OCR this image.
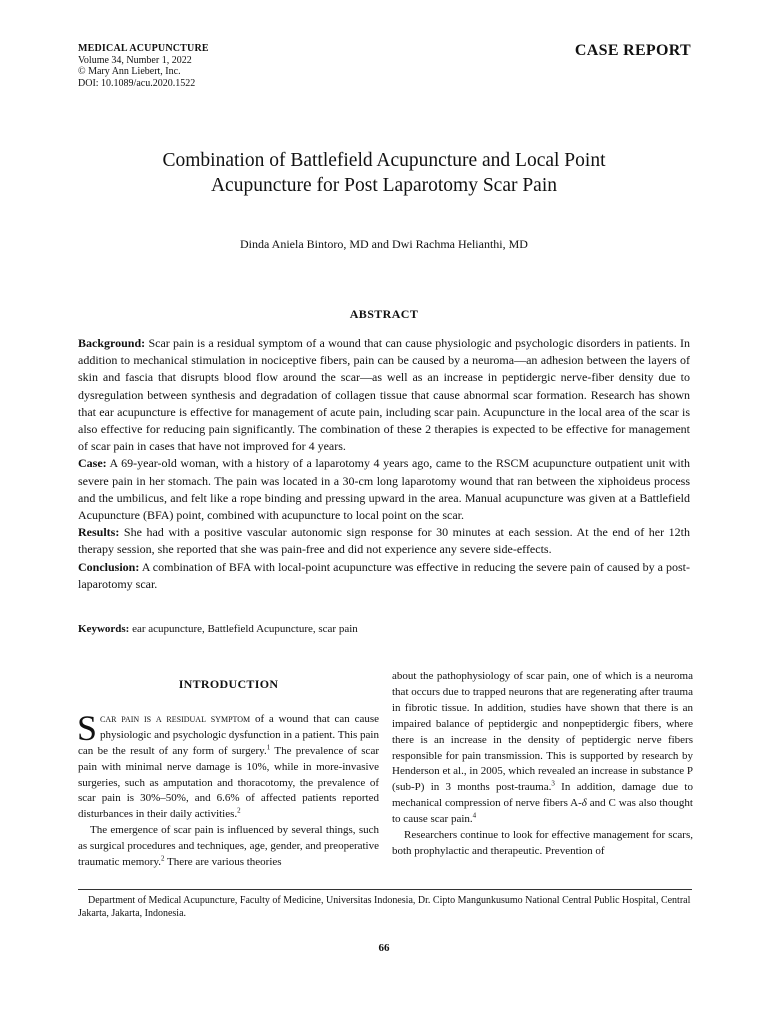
MEDICAL ACUPUNCTURE
Volume 34, Number 1, 2022
© Mary Ann Liebert, Inc.
DOI: 10.1089/acu.2020.1522
CASE REPORT
Combination of Battlefield Acupuncture and Local Point
Acupuncture for Post Laparotomy Scar Pain
Dinda Aniela Bintoro, MD and Dwi Rachma Helianthi, MD
ABSTRACT

Background: Scar pain is a residual symptom of a wound that can cause physiologic and psychologic disorders in patients. In addition to mechanical stimulation in nociceptive fibers, pain can be caused by a neuroma—an adhesion between the layers of skin and fascia that disrupts blood flow around the scar—as well as an increase in peptidergic nerve-fiber density due to dysregulation between synthesis and degradation of collagen tissue that cause abnormal scar formation. Research has shown that ear acupuncture is effective for management of acute pain, including scar pain. Acupuncture in the local area of the scar is also effective for reducing pain significantly. The combination of these 2 therapies is expected to be effective for management of scar pain in cases that have not improved for 4 years.

Case: A 69-year-old woman, with a history of a laparotomy 4 years ago, came to the RSCM acupuncture outpatient unit with severe pain in her stomach. The pain was located in a 30-cm long laparotomy wound that ran between the xiphoideus process and the umbilicus, and felt like a rope binding and pressing upward in the area. Manual acupuncture was given at a Battlefield Acupuncture (BFA) point, combined with acupuncture to local point on the scar.

Results: She had with a positive vascular autonomic sign response for 30 minutes at each session. At the end of her 12th therapy session, she reported that she was pain-free and did not experience any severe side-effects.

Conclusion: A combination of BFA with local-point acupuncture was effective in reducing the severe pain of caused by a post-laparotomy scar.

Keywords: ear acupuncture, Battlefield Acupuncture, scar pain
INTRODUCTION

Scar pain is a residual symptom of a wound that can cause physiologic and psychologic dysfunction in a patient. This pain can be the result of any form of surgery.$^1$ The prevalence of scar pain with minimal nerve damage is 10%, while in more-invasive surgeries, such as amputation and thoracotomy, the prevalence of scar pain is 30%–50%, and 6.6% of affected patients reported disturbances in their daily activities.$^2$

The emergence of scar pain is influenced by several things, such as surgical procedures and techniques, age, gender, and preoperative traumatic memory.$^2$ There are various theories

about the pathophysiology of scar pain, one of which is a neuroma that occurs due to trapped neurons that are regenerating after trauma in fibrotic tissue. In addition, studies have shown that there is an impaired balance of peptidergic and nonpeptidergic fibers, where there is an increase in the density of peptidergic nerve fibers responsible for pain transmission. This is supported by research by Henderson et al., in 2005, which revealed an increase in substance P (sub-P) in 3 months post-trauma.$^3$ In addition, damage due to mechanical compression of nerve fibers A-δ and C was also thought to cause scar pain.$^4$

Researchers continue to look for effective management for scars, both prophylactic and therapeutic. Prevention of

Department of Medical Acupuncture, Faculty of Medicine, Universitas Indonesia, Dr. Cipto Mangunkusumo National Central Public Hospital, Central Jakarta, Jakarta, Indonesia.
66
